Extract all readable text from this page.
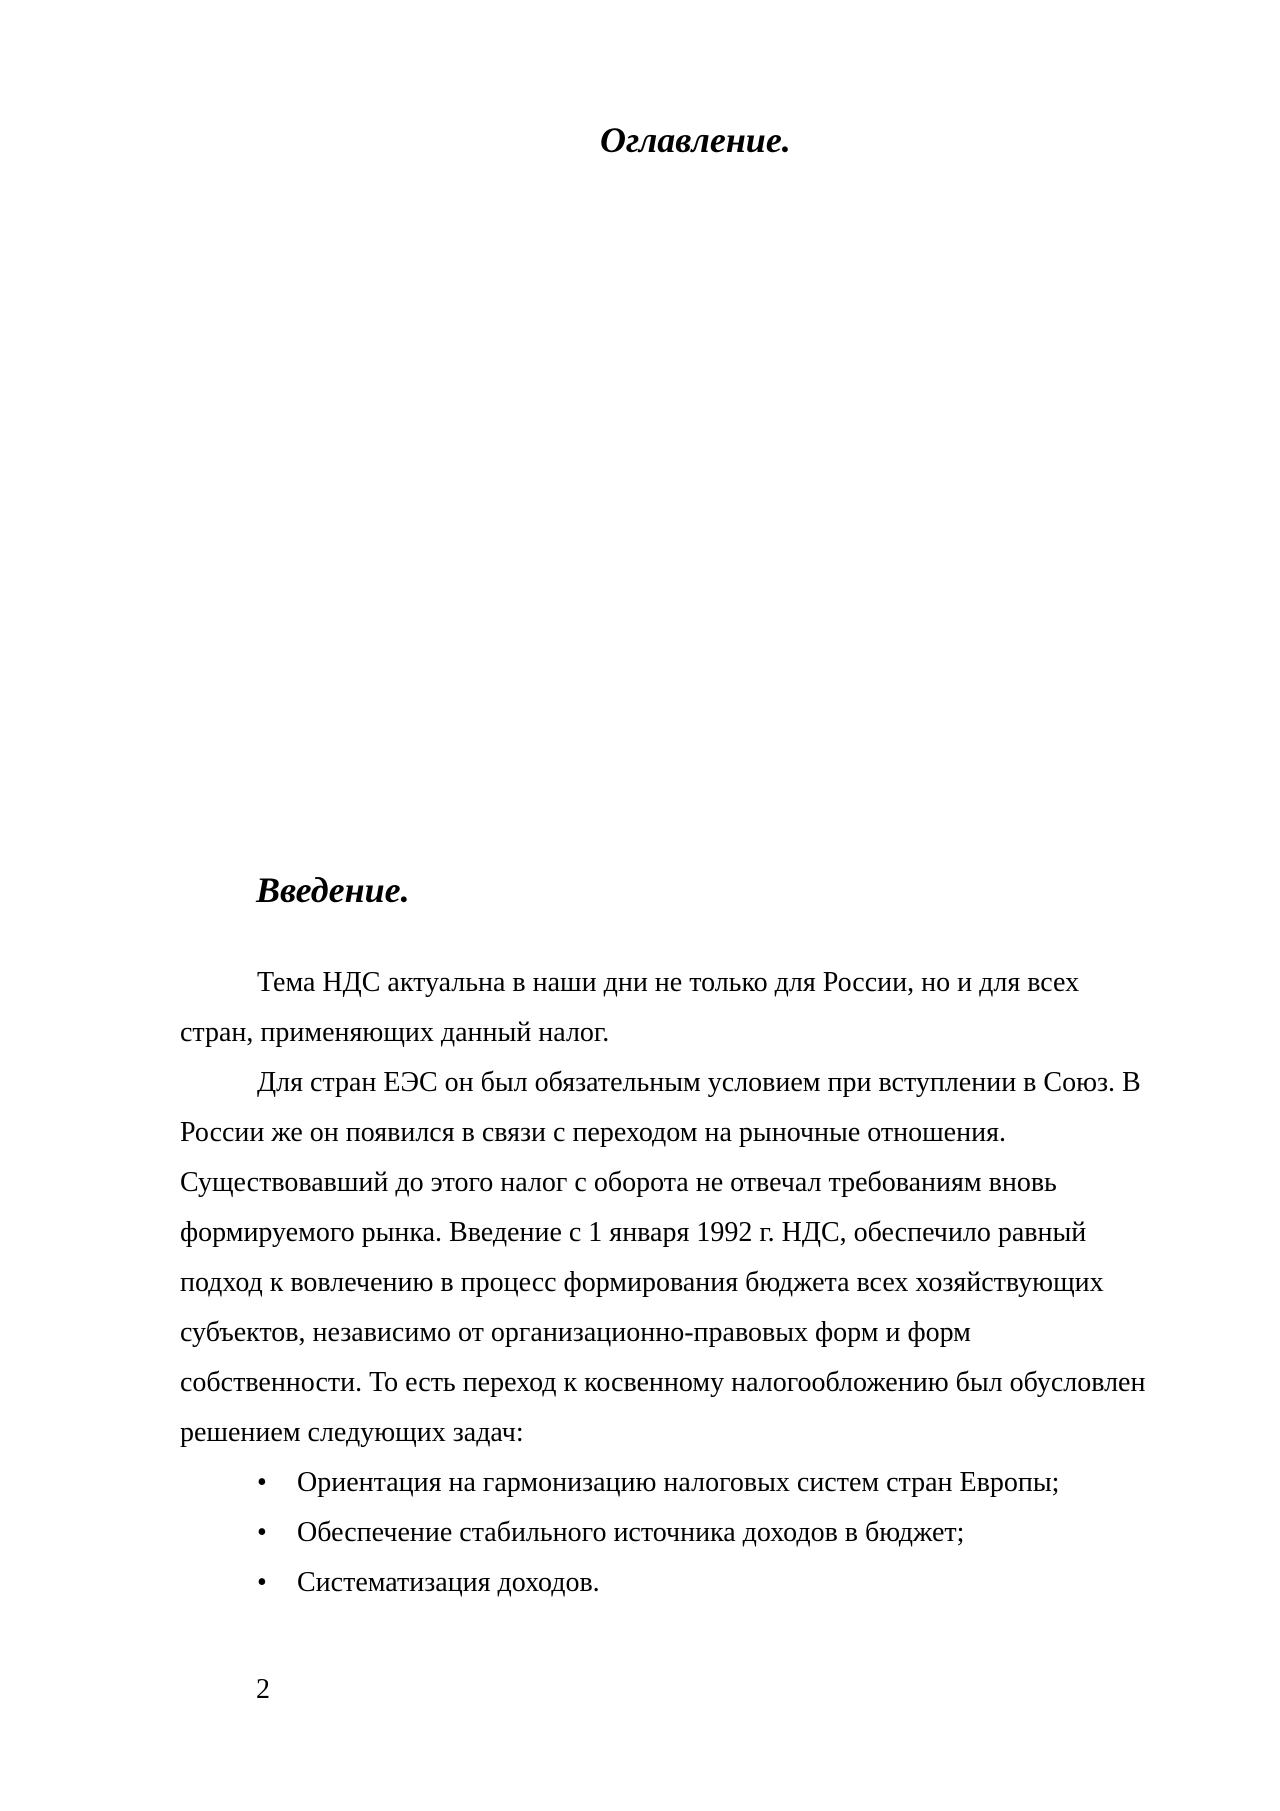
Оглавление.
Введение.

Тема НДС актуальна в наши дни не только для России, но и для всех стран, применяющих данный налог.

Для стран ЕЭС он был обязательным условием при вступлении в Союз. В России же он появился в связи с переходом на рыночные отношения. Существовавший до этого налог с оборота не отвечал требованиям вновь формируемого рынка. Введение с 1 января 1992 г. НДС, обеспечило равный подход к вовлечению в процесс формирования бюджета всех хозяйствующих субъектов, независимо от организационно-правовых форм и форм собственности. То есть переход к косвенному налогообложению был обусловлен решением следующих задач:

• Ориентация на гармонизацию налоговых систем стран Европы;
• Обеспечение стабильного источника доходов в бюджет;
• Систематизация доходов.
2
